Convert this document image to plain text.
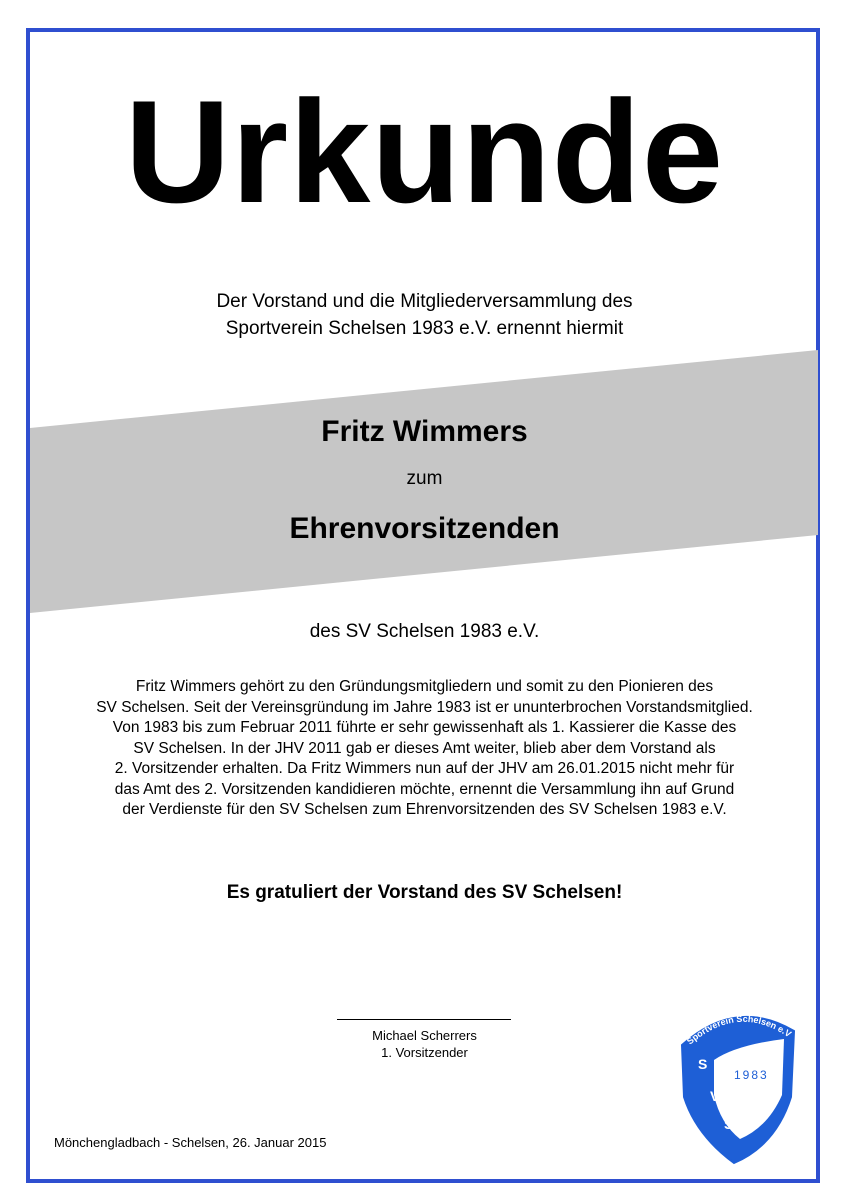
Urkunde
Der Vorstand und die Mitgliederversammlung des
Sportverein Schelsen 1983 e.V. ernennt hiermit
Fritz Wimmers
zum
Ehrenvorsitzenden
des SV Schelsen 1983 e.V.
Fritz Wimmers gehört zu den Gründungsmitgliedern und somit zu den Pionieren des
SV Schelsen. Seit der Vereinsgründung im Jahre 1983 ist er ununterbrochen Vorstandsmitglied.
Von 1983 bis zum Februar 2011 führte er sehr gewissenhaft als 1. Kassierer die Kasse des
SV Schelsen. In der JHV 2011 gab er dieses Amt weiter, blieb aber dem Vorstand als
2. Vorsitzender erhalten. Da Fritz Wimmers nun auf der JHV am 26.01.2015 nicht mehr für
das Amt des 2. Vorsitzenden kandidieren möchte, ernennt die Versammlung ihn auf Grund
der Verdienste für den SV Schelsen zum Ehrenvorsitzenden des SV Schelsen 1983 e.V.
Es gratuliert der Vorstand des SV Schelsen!
Michael Scherrers
1. Vorsitzender
Mönchengladbach - Schelsen, 26. Januar 2015
Sportverein Schelsen e.V
S
V
S
1983
